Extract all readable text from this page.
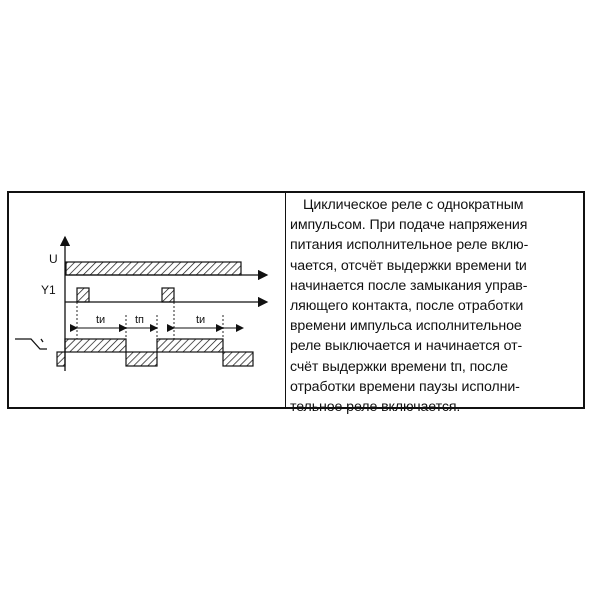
U
Y1
tи	tп	tи
Циклическое реле с однократным
импульсом. При подаче напряжения
питания исполнительное реле вклю-
чается, отсчёт выдержки времени tи
начинается после замыкания управ-
ляющего контакта, после отработки
времени импульса исполнительное
реле выключается и начинается от-
счёт выдержки времени tп, после
отработки времени паузы исполни-
тельное реле включается.
